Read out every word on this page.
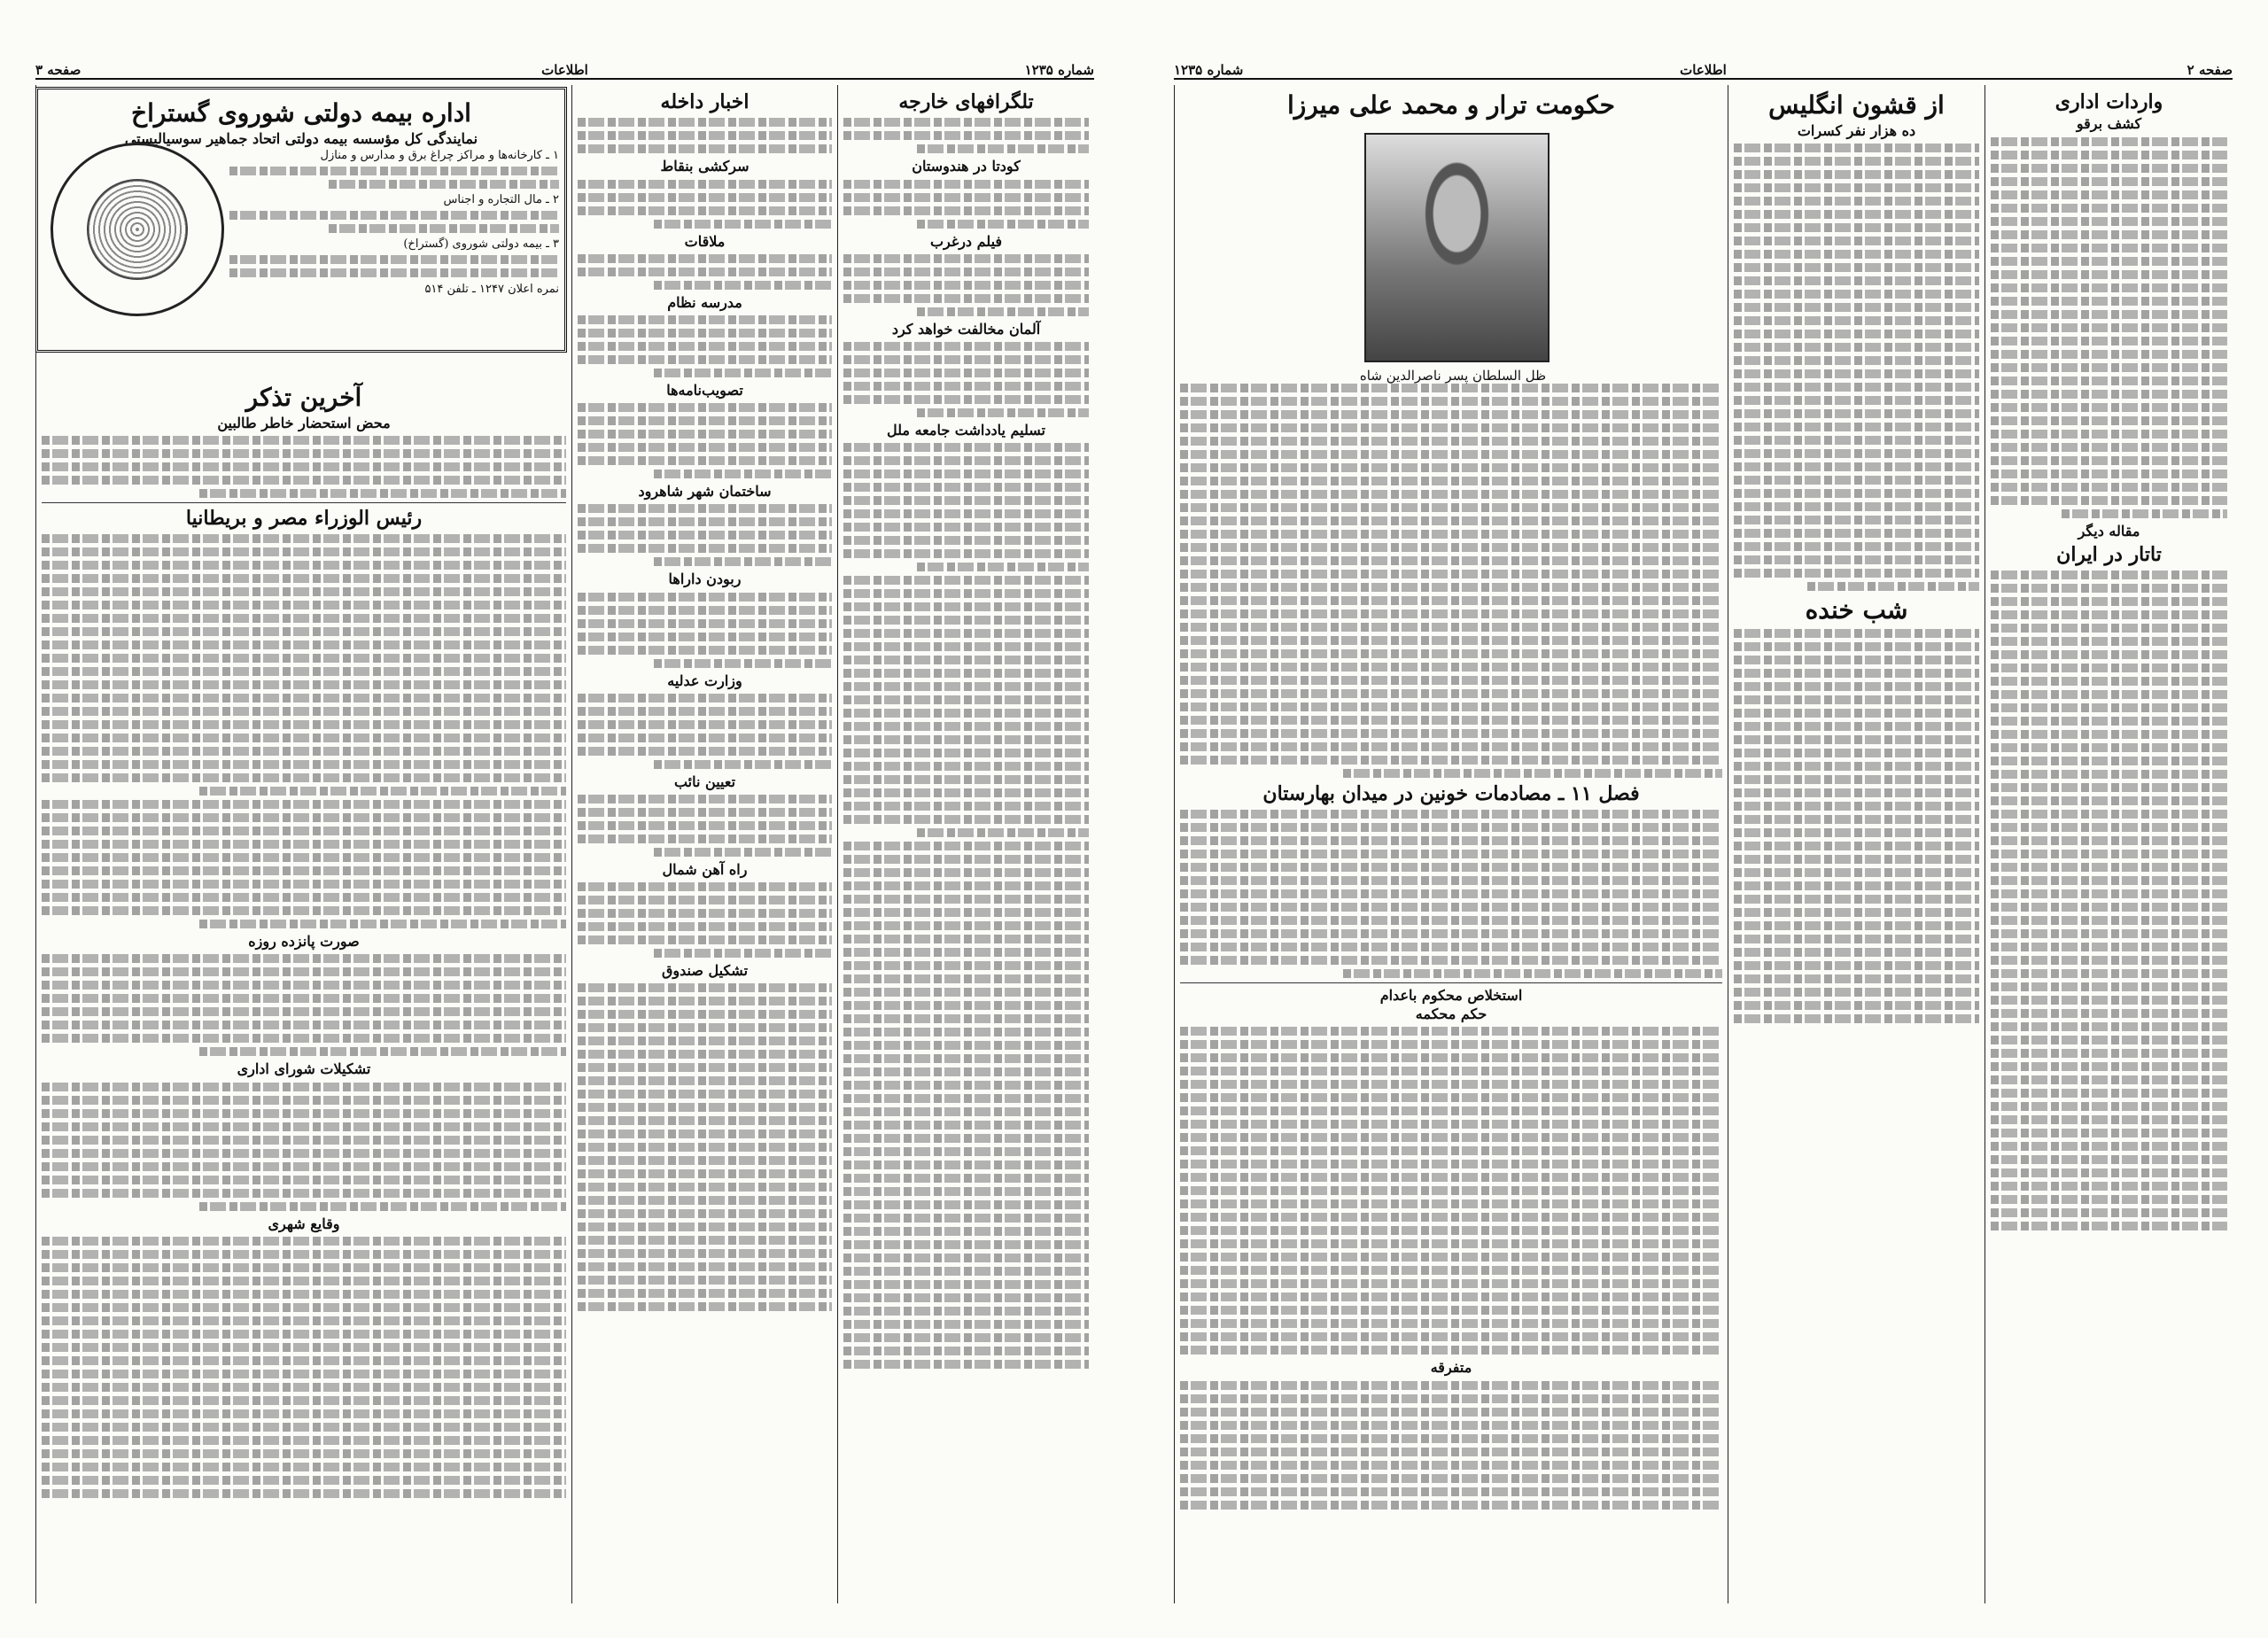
شماره ۱۲۳۵
اطلاعات
صفحه ۳
تلگرافهای خارجه
کودتا در هندوستان
فیلم درغرب
آلمان مخالفت خواهد کرد
تسلیم یادداشت جامعه ملل
اخبار داخله
سرکشی بنقاط
ملاقات
مدرسه نظام
تصویب‌نامه‌ها
ساختمان شهر شاهرود
ربودن داراها
وزارت عدلیه
تعیین نائب
راه آهن شمال
تشکیل صندوق
آخرین تذکر
محض استحضار خاطر طالبین
رئیس الوزراء مصر و بریطانیا
صورت پانزده روزه
تشکیلات شورای اداری
وقایع شهری
اداره بیمه دولتی شوروی گستراخ
نمایندگی کل مؤسسه بیمه دولتی اتحاد جماهیر سوسیالیستی
۱ ـ کارخانه‌ها و مراکز چراغ برق و مدارس و منازل
۲ ـ مال التجاره و اجناس
۳ ـ بیمه دولتی شوروی (گستراخ)
نمره اعلان ۱۲۴۷ ـ تلفن ۵۱۴
صفحه ۲
اطلاعات
شماره ۱۲۳۵
واردات اداری
کشف برقو
مقاله دیگر
تاتار در ایران
از قشون انگلیس
ده هزار نفر کسرات
شب خنده
حکومت ترار و محمد علی میرزا
فصل ۱۱ ـ مصادمات خونین در میدان بهارستان
استخلاص محکوم باعدام
حکم محکمه
متفرقه
ظل السلطان پسر ناصرالدین شاه
